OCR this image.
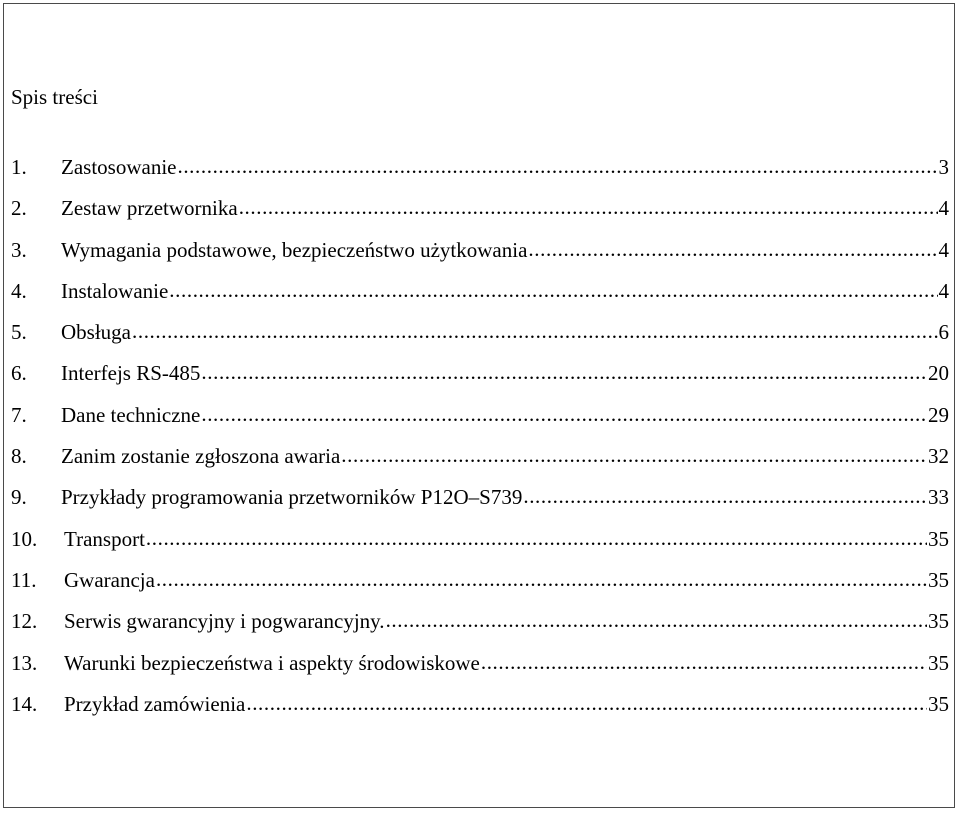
Spis treści
1.	Zastosowanie .....	3
2.	Zestaw przetwornika .....	4
3.	Wymagania podstawowe, bezpieczeństwo użytkowania .....	4
4.	Instalowanie .....	4
5.	Obsługa .....	6
6.	Interfejs RS-485 .....	20
7.	Dane techniczne .....	29
8.	Zanim zostanie zgłoszona awaria .....	32
9.	Przykłady programowania przetworników P12O–S739 .....	33
10.	Transport .....	35
11.	Gwarancja .....	35
12.	Serwis gwarancyjny i pogwarancyjny. .....	35
13.	Warunki bezpieczeństwa i aspekty środowiskowe .....	35
14.	Przykład zamówienia .....	35
